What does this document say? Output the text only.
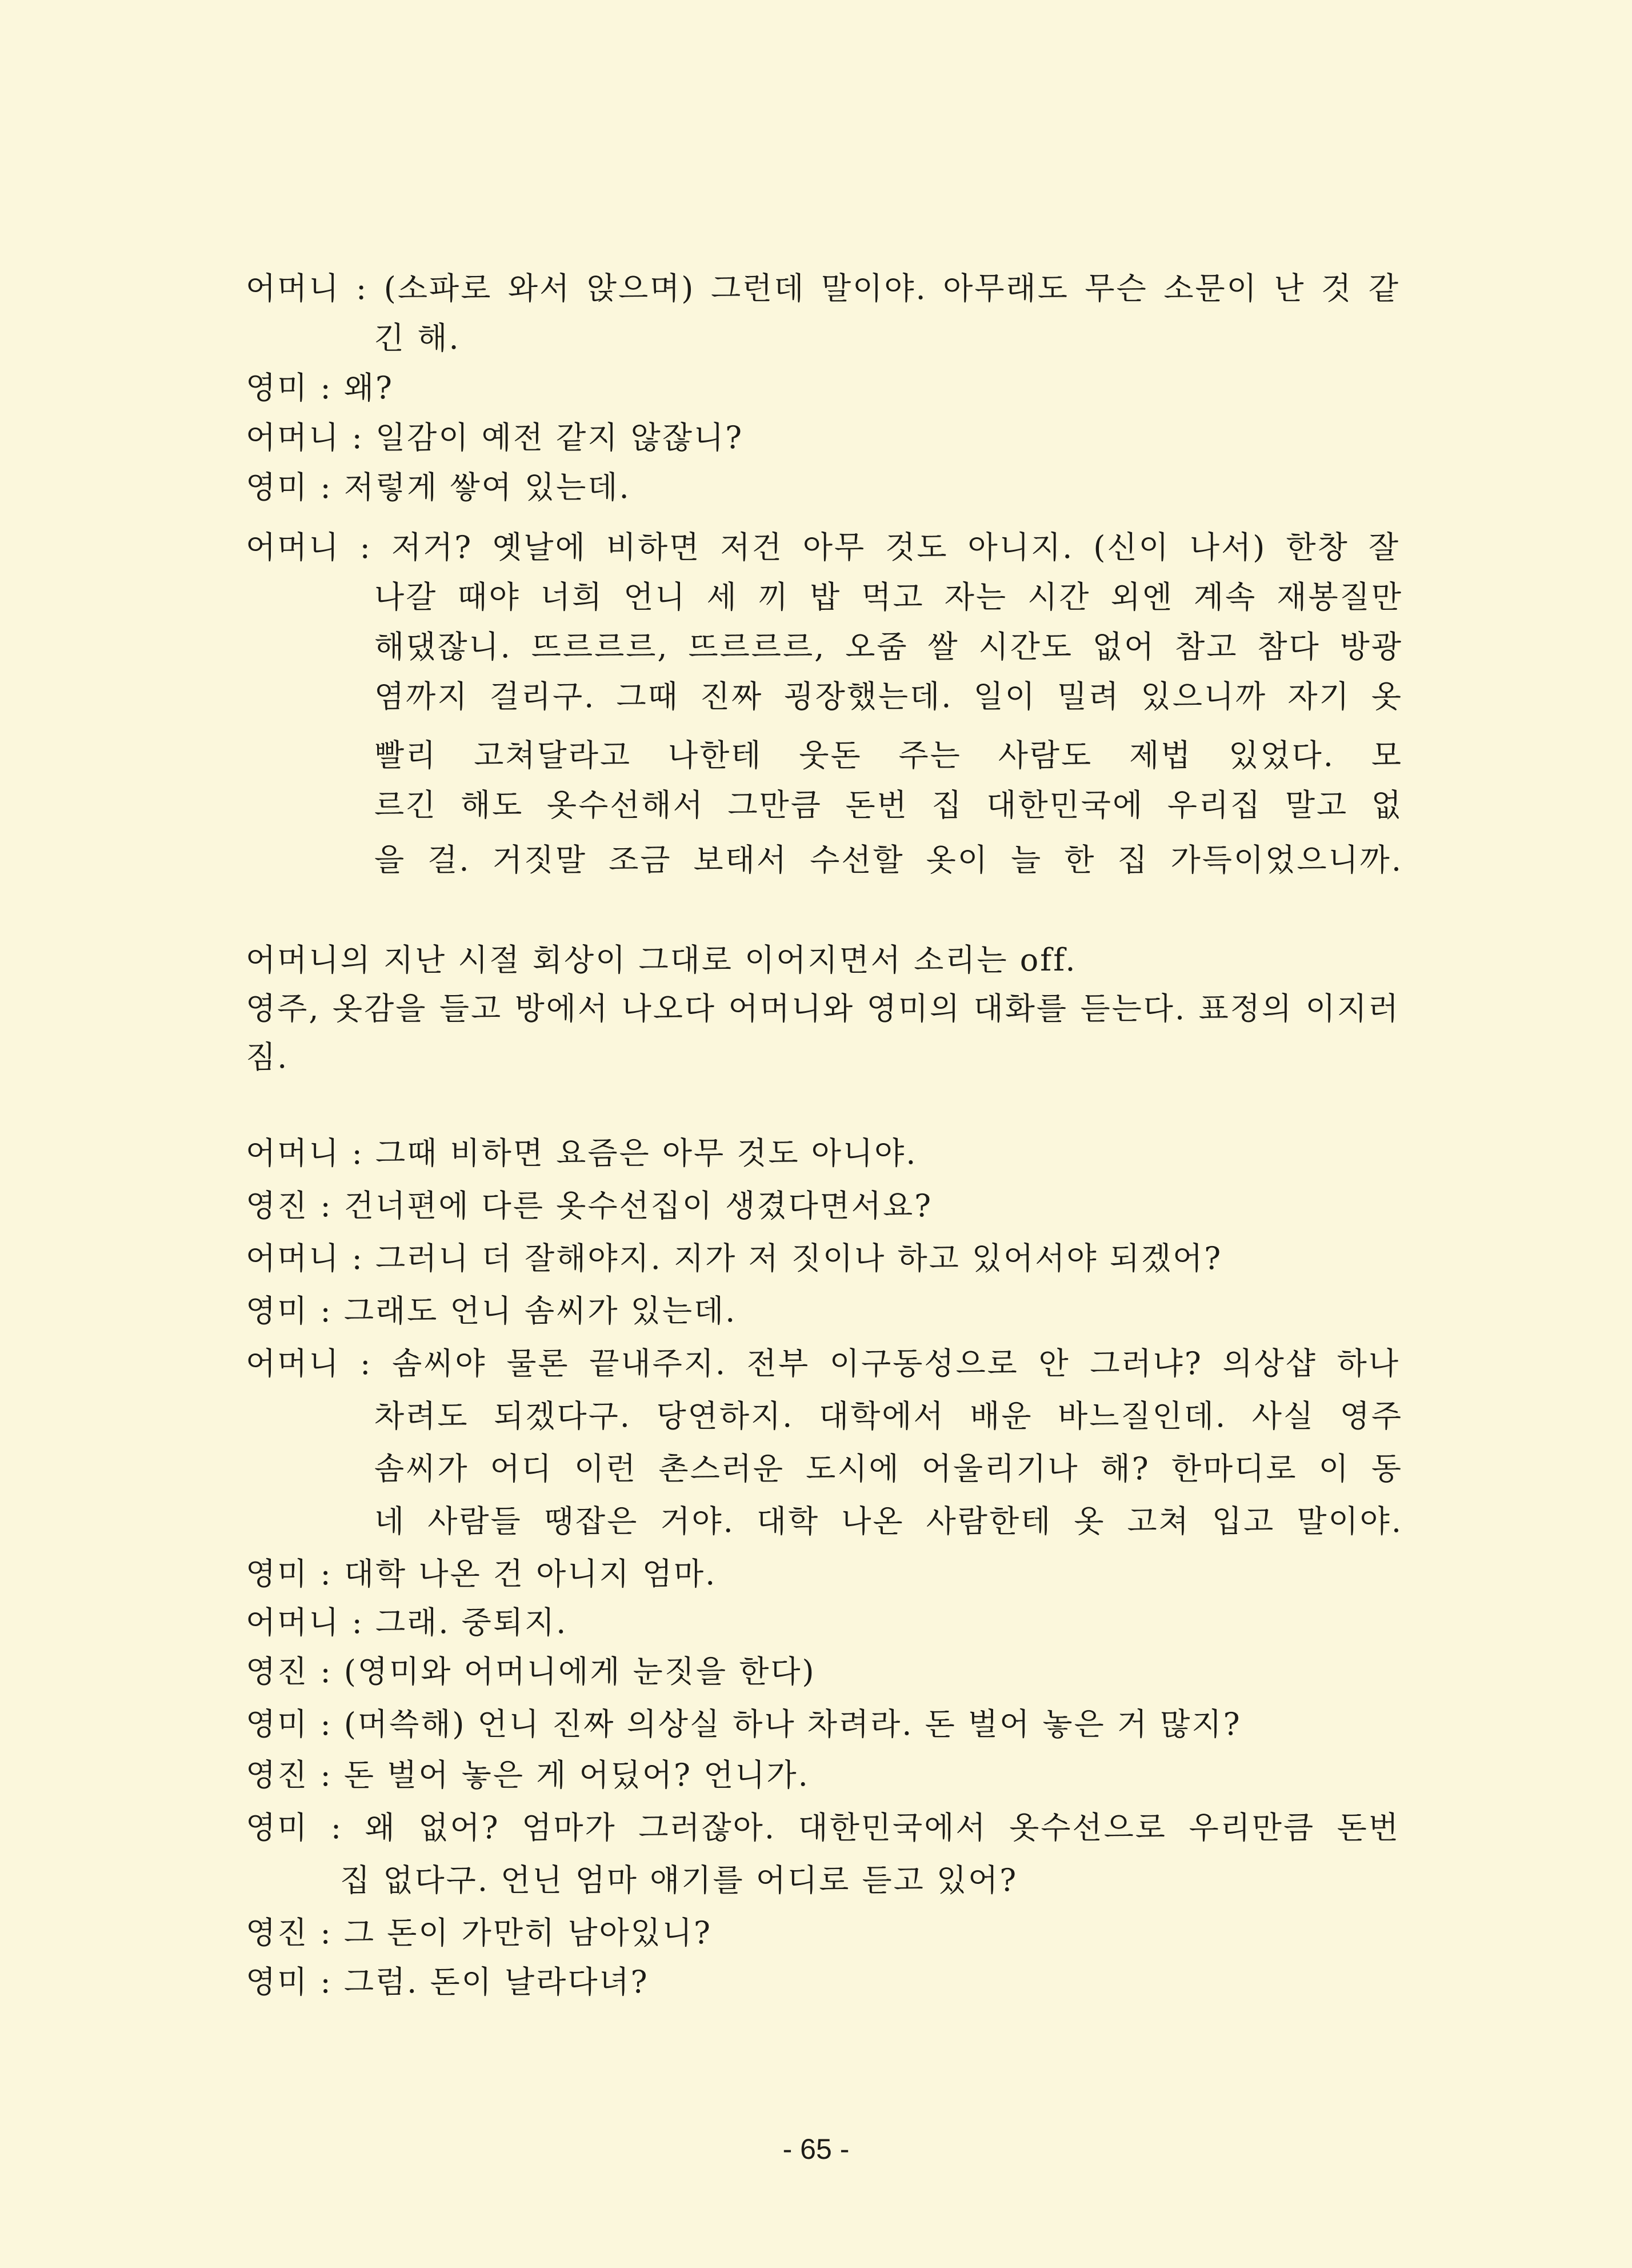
어머니 : (소파로 와서 앉으며) 그런데 말이야. 아무래도 무슨 소문이 난 것 같
긴 해.
영미 : 왜?
어머니 : 일감이 예전 같지 않잖니?
영미 : 저렇게 쌓여 있는데.
어머니 : 저거? 옛날에 비하면 저건 아무 것도 아니지. (신이 나서) 한창 잘
나갈 때야 너희 언니 세 끼 밥 먹고 자는 시간 외엔 계속 재봉질만
해댔잖니. 뜨르르르, 뜨르르르, 오줌 쌀 시간도 없어 참고 참다 방광
염까지 걸리구. 그때 진짜 굉장했는데. 일이 밀려 있으니까 자기 옷
빨리 고쳐달라고 나한테 웃돈 주는 사람도 제법 있었다. 모
르긴 해도 옷수선해서 그만큼 돈번 집 대한민국에 우리집 말고 없
을 걸. 거짓말 조금 보태서 수선할 옷이 늘 한 집 가득이었으니까.
어머니의 지난 시절 회상이 그대로 이어지면서 소리는 off.
영주, 옷감을 들고 방에서 나오다 어머니와 영미의 대화를 듣는다. 표정의 이지러
짐.
어머니 : 그때 비하면 요즘은 아무 것도 아니야.
영진 : 건너편에 다른 옷수선집이 생겼다면서요?
어머니 : 그러니 더 잘해야지. 지가 저 짓이나 하고 있어서야 되겠어?
영미 : 그래도 언니 솜씨가 있는데.
어머니 : 솜씨야 물론 끝내주지. 전부 이구동성으로 안 그러냐? 의상샵 하나
차려도 되겠다구. 당연하지. 대학에서 배운 바느질인데. 사실 영주
솜씨가 어디 이런 촌스러운 도시에 어울리기나 해? 한마디로 이 동
네 사람들 땡잡은 거야. 대학 나온 사람한테 옷 고쳐 입고 말이야.
영미 : 대학 나온 건 아니지 엄마.
어머니 : 그래. 중퇴지.
영진 : (영미와 어머니에게 눈짓을 한다)
영미 : (머쓱해) 언니 진짜 의상실 하나 차려라. 돈 벌어 놓은 거 많지?
영진 : 돈 벌어 놓은 게 어딨어? 언니가.
영미 : 왜 없어? 엄마가 그러잖아. 대한민국에서 옷수선으로 우리만큼 돈번
집 없다구. 언닌 엄마 얘기를 어디로 듣고 있어?
영진 : 그 돈이 가만히 남아있니?
영미 : 그럼. 돈이 날라다녀?
- 65 -
